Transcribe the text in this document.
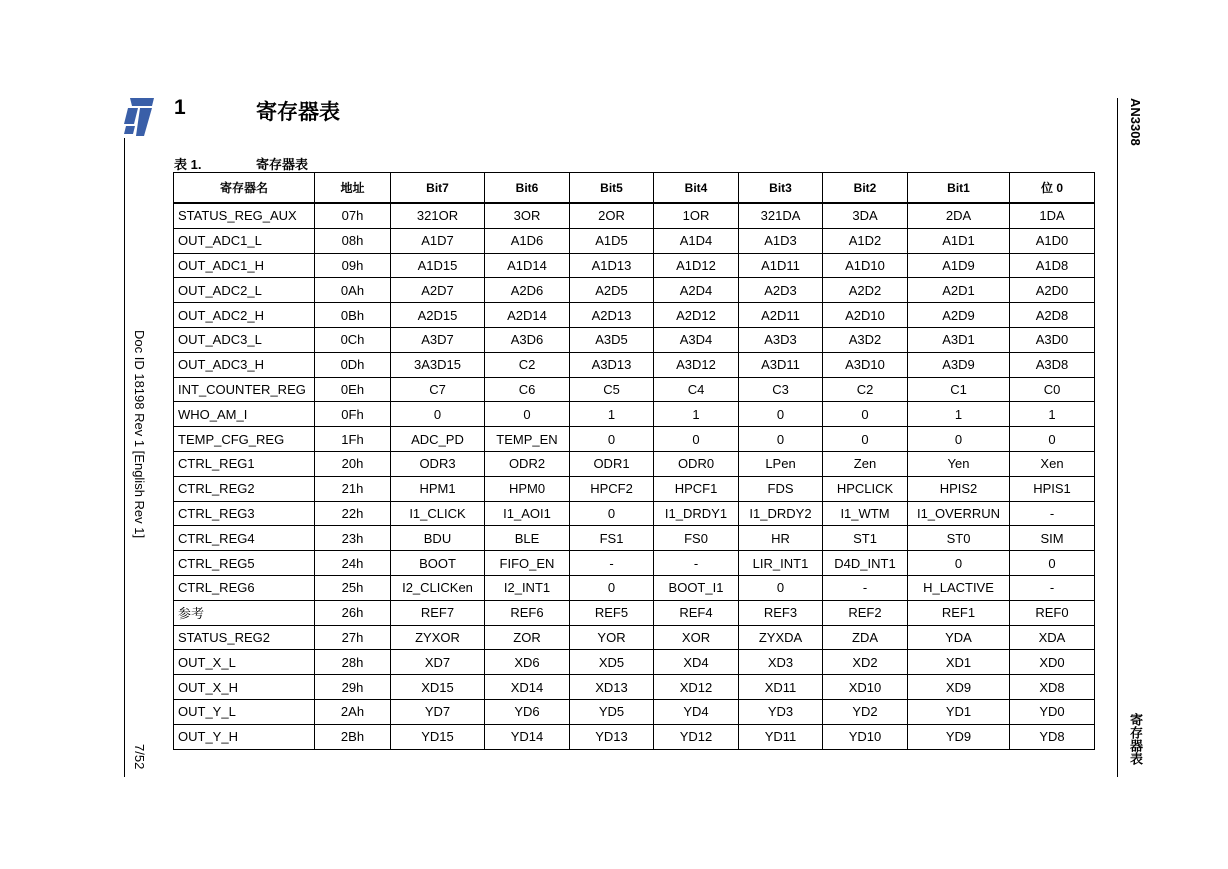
Doc ID 18198 Rev 1 [English Rev 1]
7/52
AN3308
寄存器表
1	寄存器表
表 1.	寄存器表
寄存器名	地址	Bit7	Bit6	Bit5	Bit4	Bit3	Bit2	Bit1	位 0
STATUS_REG_AUX	07h	321OR	3OR	2OR	1OR	321DA	3DA	2DA	1DA
OUT_ADC1_L	08h	A1D7	A1D6	A1D5	A1D4	A1D3	A1D2	A1D1	A1D0
OUT_ADC1_H	09h	A1D15	A1D14	A1D13	A1D12	A1D11	A1D10	A1D9	A1D8
OUT_ADC2_L	0Ah	A2D7	A2D6	A2D5	A2D4	A2D3	A2D2	A2D1	A2D0
OUT_ADC2_H	0Bh	A2D15	A2D14	A2D13	A2D12	A2D11	A2D10	A2D9	A2D8
OUT_ADC3_L	0Ch	A3D7	A3D6	A3D5	A3D4	A3D3	A3D2	A3D1	A3D0
OUT_ADC3_H	0Dh	3A3D15	C2	A3D13	A3D12	A3D11	A3D10	A3D9	A3D8
INT_COUNTER_REG	0Eh	C7	C6	C5	C4	C3	C2	C1	C0
WHO_AM_I	0Fh	0	0	1	1	0	0	1	1
TEMP_CFG_REG	1Fh	ADC_PD	TEMP_EN	0	0	0	0	0	0
CTRL_REG1	20h	ODR3	ODR2	ODR1	ODR0	LPen	Zen	Yen	Xen
CTRL_REG2	21h	HPM1	HPM0	HPCF2	HPCF1	FDS	HPCLICK	HPIS2	HPIS1
CTRL_REG3	22h	I1_CLICK	I1_AOI1	0	I1_DRDY1	I1_DRDY2	I1_WTM	I1_OVERRUN	-
CTRL_REG4	23h	BDU	BLE	FS1	FS0	HR	ST1	ST0	SIM
CTRL_REG5	24h	BOOT	FIFO_EN	-	-	LIR_INT1	D4D_INT1	0	0
CTRL_REG6	25h	I2_CLICKen	I2_INT1	0	BOOT_I1	0	-	H_LACTIVE	-
参考	26h	REF7	REF6	REF5	REF4	REF3	REF2	REF1	REF0
STATUS_REG2	27h	ZYXOR	ZOR	YOR	XOR	ZYXDA	ZDA	YDA	XDA
OUT_X_L	28h	XD7	XD6	XD5	XD4	XD3	XD2	XD1	XD0
OUT_X_H	29h	XD15	XD14	XD13	XD12	XD11	XD10	XD9	XD8
OUT_Y_L	2Ah	YD7	YD6	YD5	YD4	YD3	YD2	YD1	YD0
OUT_Y_H	2Bh	YD15	YD14	YD13	YD12	YD11	YD10	YD9	YD8
